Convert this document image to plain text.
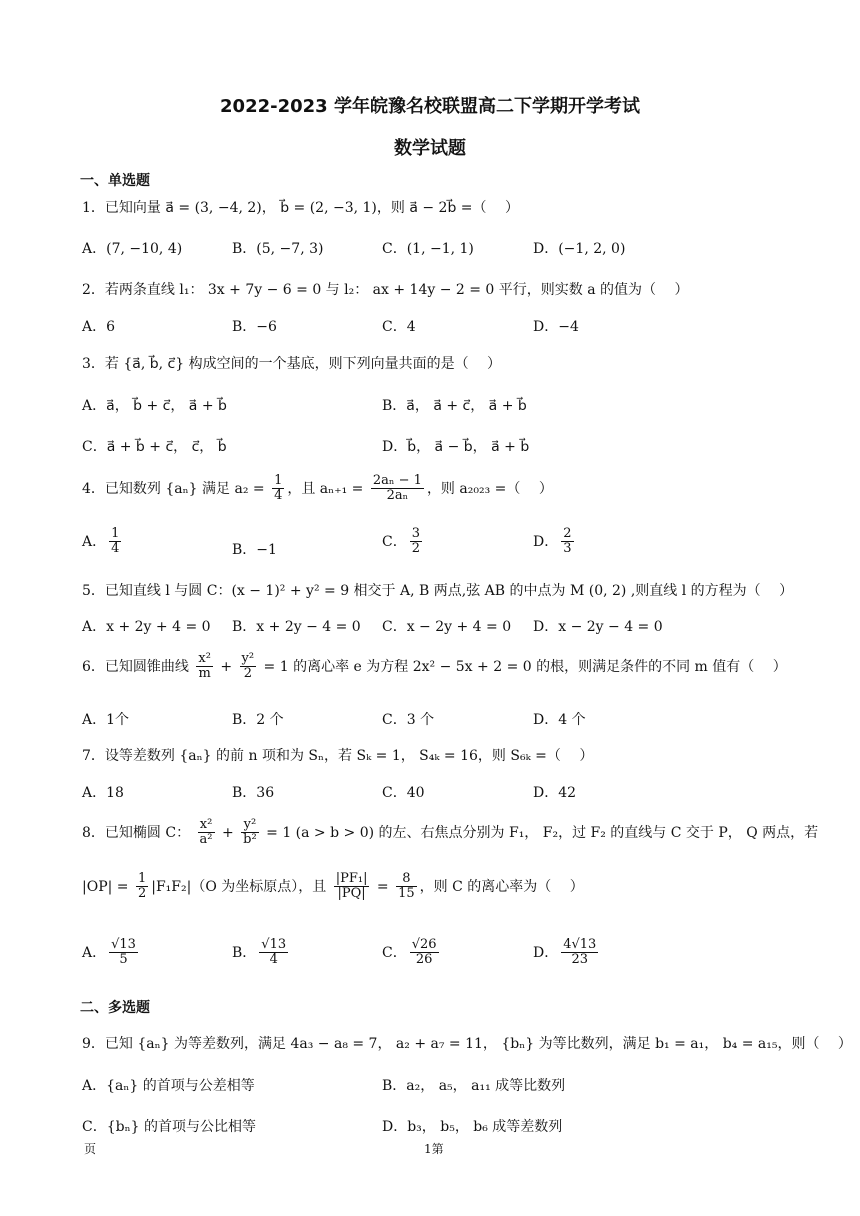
2022-2023 学年皖豫名校联盟高二下学期开学考试
数学试题
一、单选题
1．已知向量 a⃗ = (3, −4, 2)， b⃗ = (2, −3, 1)，则 a⃗ − 2b⃗ =（　 ）
A．(7, −10, 4)	B．(5, −7, 3)	C．(1, −1, 1)	D．(−1, 2, 0)
2．若两条直线 l₁： 3x + 7y − 6 = 0 与 l₂： ax + 14y − 2 = 0 平行，则实数 a 的值为（　 ）
A．6	B．−6	C．4	D．−4
3．若 {a⃗, b⃗, c⃗} 构成空间的一个基底，则下列向量共面的是（　 ）
A．a⃗， b⃗ + c⃗， a⃗ + b⃗	B．a⃗， a⃗ + c⃗， a⃗ + b⃗
C．a⃗ + b⃗ + c⃗， c⃗， b⃗	D．b⃗， a⃗ − b⃗， a⃗ + b⃗
4．已知数列 {aₙ} 满足 $a_2 = \frac{1}{4}$ ，且 $a_{n+1} = \frac{\text{2aₙ − 1}}{\text{2aₙ}}$ ，则 a₂₀₂₃ =（　 ）
A． $\frac{1}{4}$	B．−1
C． $\frac{3}{2}$	D． $\frac{2}{3}$
5．已知直线 l 与圆 C：(x − 1)² + y² = 9 相交于 A, B 两点,弦 AB 的中点为 M (0, 2) ,则直线 l 的方程为（　 ）
A．x + 2y + 4 = 0 B．x + 2y − 4 = 0 C．x − 2y + 4 = 0 D．x − 2y − 4 = 0
6．已知圆锥曲线 $\frac{\text{x²}}{m} + \frac{\text{y²}}{2} = 1$ 的离心率 e 为方程 2x² − 5x + 2 = 0 的根，则满足条件的不同 m 值有（　 ）
A．1个	B．2 个	C．3 个	D．4 个
7．设等差数列 {aₙ} 的前 n 项和为 Sₙ，若 Sₖ = 1， S₄ₖ = 16，则 S₆ₖ =（　 ）
A．18	B．36	C．40	D．42
8．已知椭圆 C： $\frac{\text{x²}}{\text{a²}} + \frac{\text{y²}}{\text{b²}} = 1$ (a > b > 0) 的左、右焦点分别为 F₁， F₂，过 F₂ 的直线与 C 交于 P， Q 两点，若
$|OP| = \frac{1}{2} |F_1F_2|(O$ 为坐标原点），且 $\frac{\text{|PF₁|}}{|PQ|} = \frac{8}{15}$ ，则 C 的离心率为（　 ）
A． $\frac{√13}{5}$	B． $\frac{√13}{4}$	C． $\frac{√26}{26}$	D． $\frac{4√13}{23}$
二、多选题
9．已知 {aₙ} 为等差数列，满足 4a₃ − a₈ = 7， a₂ + a₇ = 11， {bₙ} 为等比数列，满足 b₁ = a₁， b₄ = a₁₅，则（　 ）
A．{aₙ} 的首项与公差相等	B．a₂， a₅， a₁₁ 成等比数列
C．{bₙ} 的首项与公比相等	D．b₃， b₅， b₆ 成等差数列
页	1第
